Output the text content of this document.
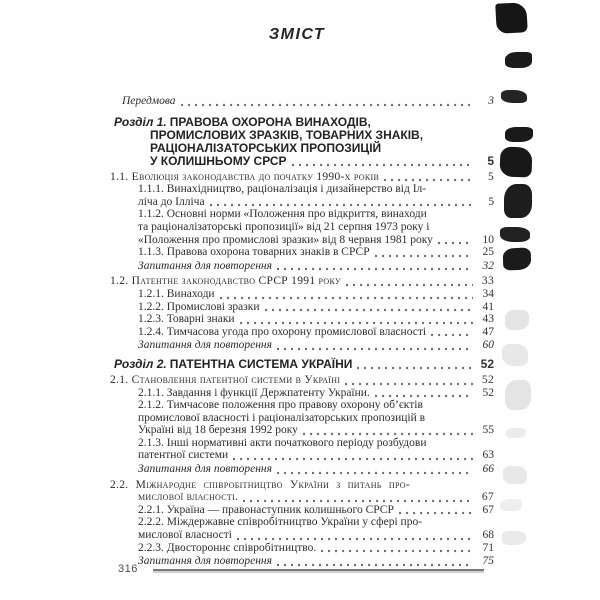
ЗМІСТ
Передмова	3
Розділ 1. ПРАВОВА ОХОРОНА ВИНАХОДІВ,
ПРОМИСЛОВИХ ЗРАЗКІВ, ТОВАРНИХ ЗНАКІВ,
РАЦІОНАЛІЗАТОРСЬКИХ ПРОПОЗИЦІЙ
У КОЛИШНЬОМУ СРСР	5
1.1. Еволюція законодавства до початку 1990-х років	5
1.1.1. Винахідництво, раціоналізація і дизайнерство від Іл-
ліча до Ілліча	5
1.1.2. Основні норми «Положення про відкриття, винаходи
та раціоналізаторські пропозиції» від 21 серпня 1973 року і
«Положення про промислові зразки» від 8 червня 1981 року	10
1.1.3. Правова охорона товарних знаків в СРСР	25
Запитання для повторення	32
1.2. Патентне законодавство СРСР 1991 року	33
1.2.1. Винаходи	34
1.2.2. Промислові зразки	41
1.2.3. Товарні знаки	43
1.2.4. Тимчасова угода про охорону промислової власності	47
Запитання для повторення	60
Розділ 2. ПАТЕНТНА СИСТЕМА УКРАЇНИ	52
2.1. Становлення патентної системи в Україні	52
2.1.1. Завдання і функції Держпатенту України.	52
2.1.2. Тимчасове положення про правову охорону об’єктів
промислової власності і раціоналізаторських пропозицій в
Україні від 18 березня 1992 року	55
2.1.3. Інші нормативні акти початкового періоду розбудови
патентної системи	63
Запитання для повторення	66
2.2. Міжнародне співробітництво України з питань про-
мислової власності.	67
2.2.1. Україна — правонаступник колишнього СРСР	67
2.2.2. Міждержавне співробітництво України у сфері про-
мислової власності	68
2.2.3. Двостороннє співробітництво.	71
Запитання для повторення	75
316
